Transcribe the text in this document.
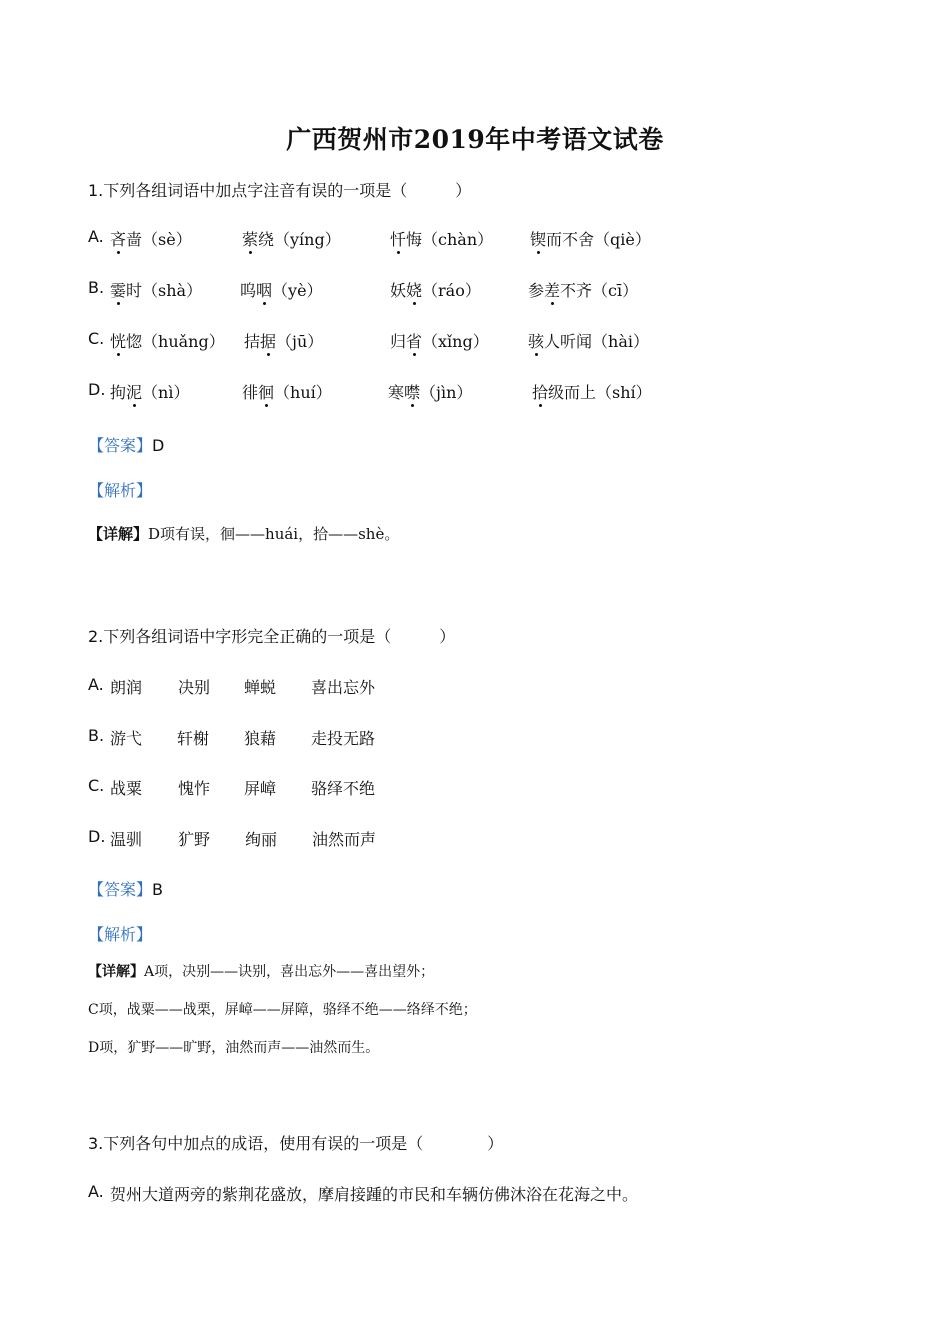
广西贺州市2019年中考语文试卷
1.下列各组词语中加点字注音有误的一项是（　　　）
A. 吝啬（sè）	萦绕（yíng）	忏悔（chàn） 锲而不舍（qiè）
B. 霎时（shà） 呜咽（yè）	妖娆（ráo）	参差不齐（cī）
C. 恍惚（huǎng） 拮据（jū）	归省（xǐng） 骇人听闻（hài）
D. 拘泥（nì）	徘徊（huí）	寒噤（jìn）	拾级而上（shí）
【答案】D
【解析】
【详解】D项有误，徊——huái，拾——shè。
2.下列各组词语中字形完全正确的一项是（　　　）
A. 朗润 决别 蝉蜕 喜出忘外
B. 游弋 轩榭 狼藉 走投无路
C. 战粟 愧怍 屏嶂 骆绎不绝
D. 温驯 犷野 绚丽 油然而声
【答案】B
【解析】
【详解】A项，决别——诀别，喜出忘外——喜出望外；
C项，战粟——战栗，屏嶂——屏障，骆绎不绝——络绎不绝；
D项，犷野——旷野，油然而声——油然而生。
3.下列各句中加点的成语，使用有误的一项是（　　　　）
A. 贺州大道两旁的紫荆花盛放，摩肩接踵的市民和车辆仿佛沐浴在花海之中。
